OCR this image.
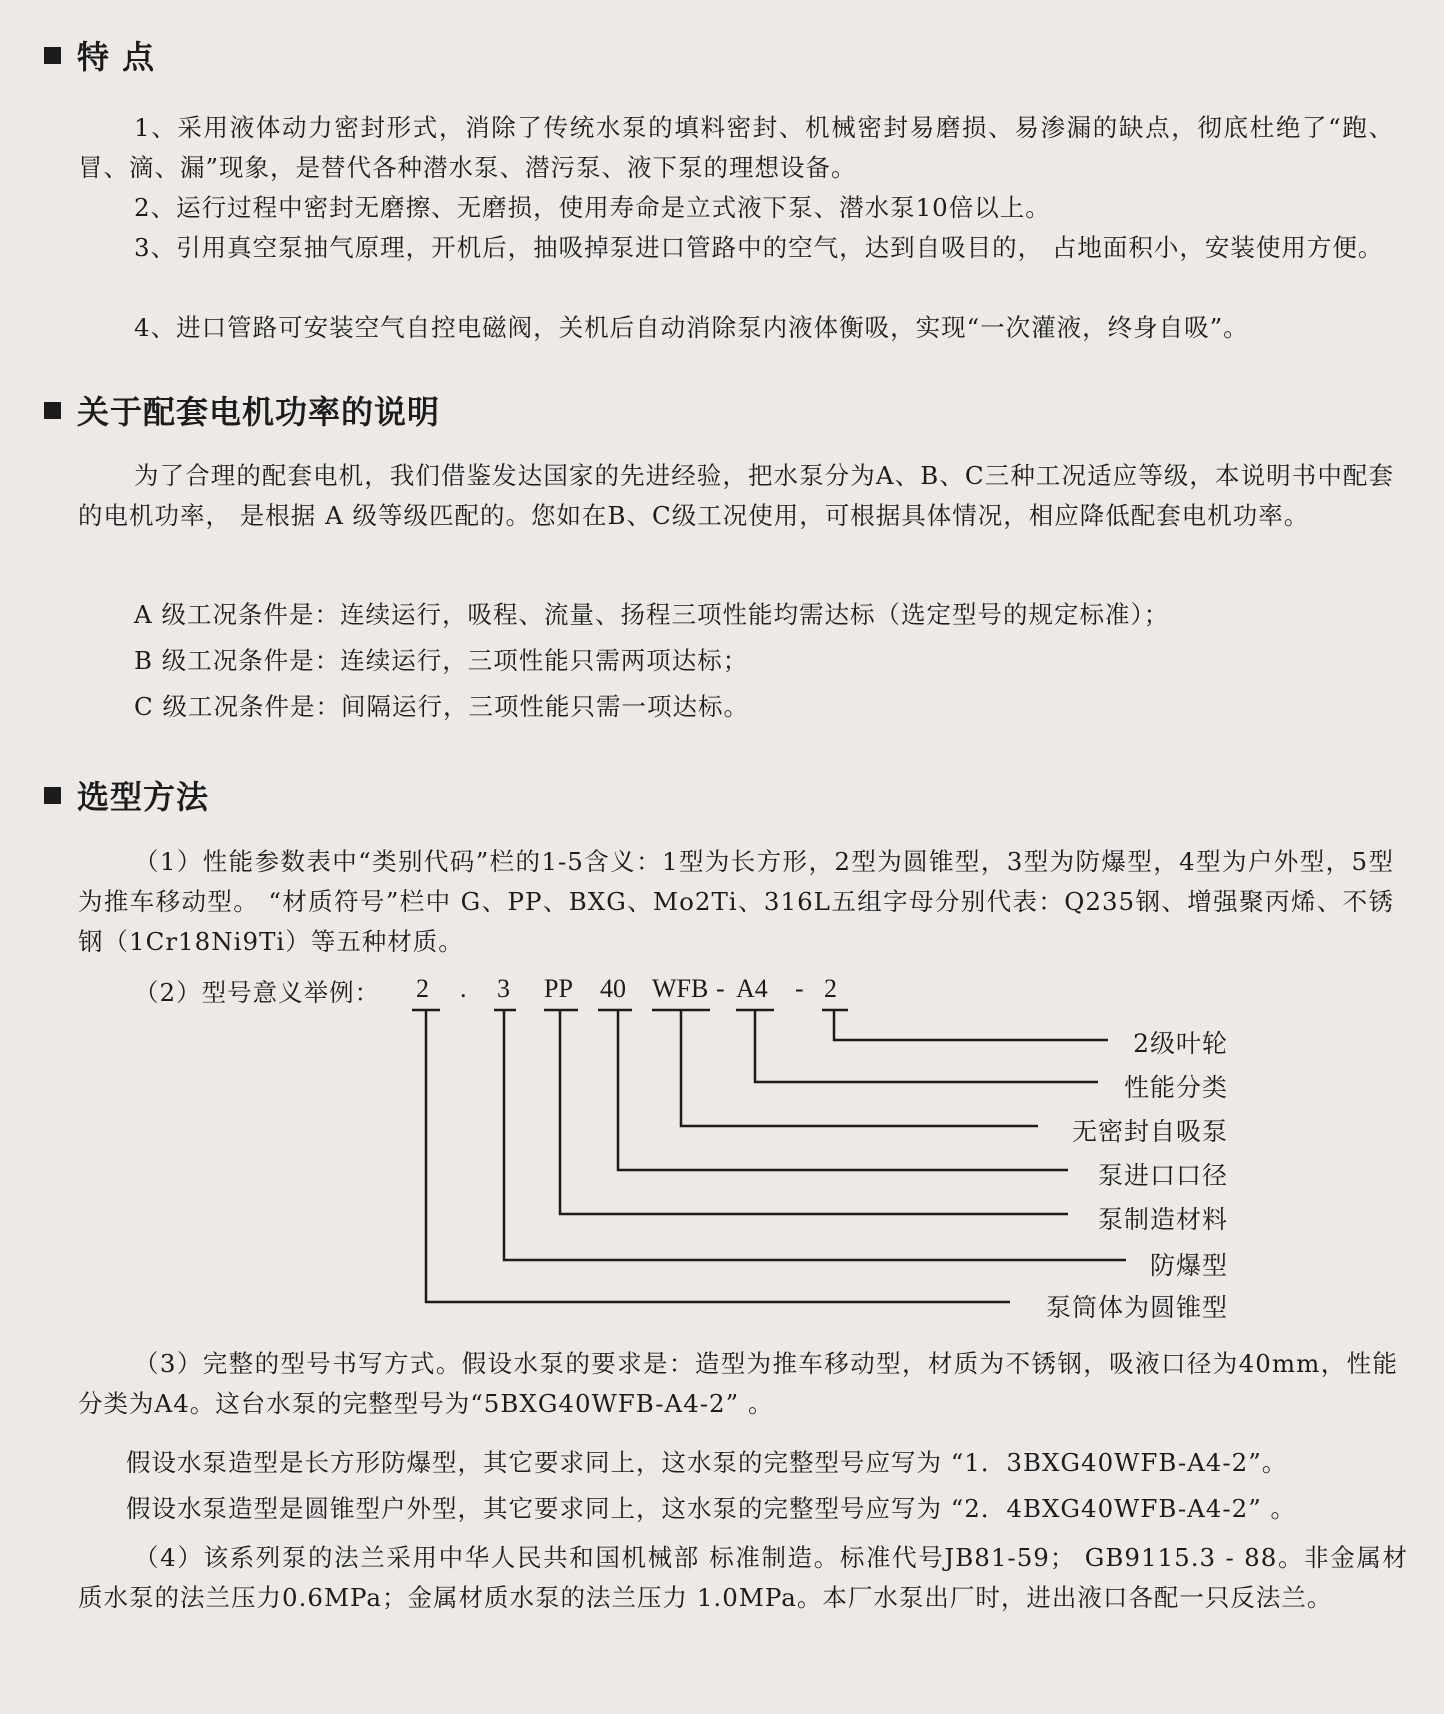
特 点
1、采用液体动力密封形式，消除了传统水泵的填料密封、机械密封易磨损、易渗漏的缺点，彻底杜绝了“跑、冒、滴、漏”现象，是替代各种潜水泵、潜污泵、液下泵的理想设备。
2、运行过程中密封无磨擦、无磨损，使用寿命是立式液下泵、潜水泵10倍以上。
3、引用真空泵抽气原理，开机后，抽吸掉泵进口管路中的空气，达到自吸目的， 占地面积小，安装使用方便。
4、进口管路可安装空气自控电磁阀，关机后自动消除泵内液体衡吸，实现“一次灌液，终身自吸”。
关于配套电机功率的说明
为了合理的配套电机，我们借鉴发达国家的先进经验，把水泵分为A、B、C三种工况适应等级，本说明书中配套的电机功率， 是根据 A 级等级匹配的。您如在B、C级工况使用，可根据具体情况，相应降低配套电机功率。
A 级工况条件是：连续运行，吸程、流量、扬程三项性能均需达标（选定型号的规定标准）；
B 级工况条件是：连续运行，三项性能只需两项达标；
C 级工况条件是：间隔运行，三项性能只需一项达标。
选型方法
（1）性能参数表中“类别代码”栏的1-5含义：1型为长方形，2型为圆锥型，3型为防爆型，4型为户外型，5型为推车移动型。 “材质符号”栏中 G、PP、BXG、Mo2Ti、316L五组字母分别代表：Q235钢、增强聚丙烯、不锈钢（1Cr18Ni9Ti）等五种材质。
（2）型号意义举例： 2 . 3 PP 40 WFB - A4 - 2
2级叶轮
性能分类
无密封自吸泵
泵进口口径
泵制造材料
防爆型
泵筒体为圆锥型
（3）完整的型号书写方式。假设水泵的要求是：造型为推车移动型，材质为不锈钢，吸液口径为40mm，性能分类为A4。这台水泵的完整型号为“5BXG40WFB-A4-2” 。
假设水泵造型是长方形防爆型，其它要求同上，这水泵的完整型号应写为 “1．3BXG40WFB-A4-2”。
假设水泵造型是圆锥型户外型，其它要求同上，这水泵的完整型号应写为 “2．4BXG40WFB-A4-2” 。
（4）该系列泵的法兰采用中华人民共和国机械部 标准制造。标准代号JB81-59； GB9115.3 - 88。非金属材质水泵的法兰压力0.6MPa；金属材质水泵的法兰压力 1.0MPa。本厂水泵出厂时，进出液口各配一只反法兰。
